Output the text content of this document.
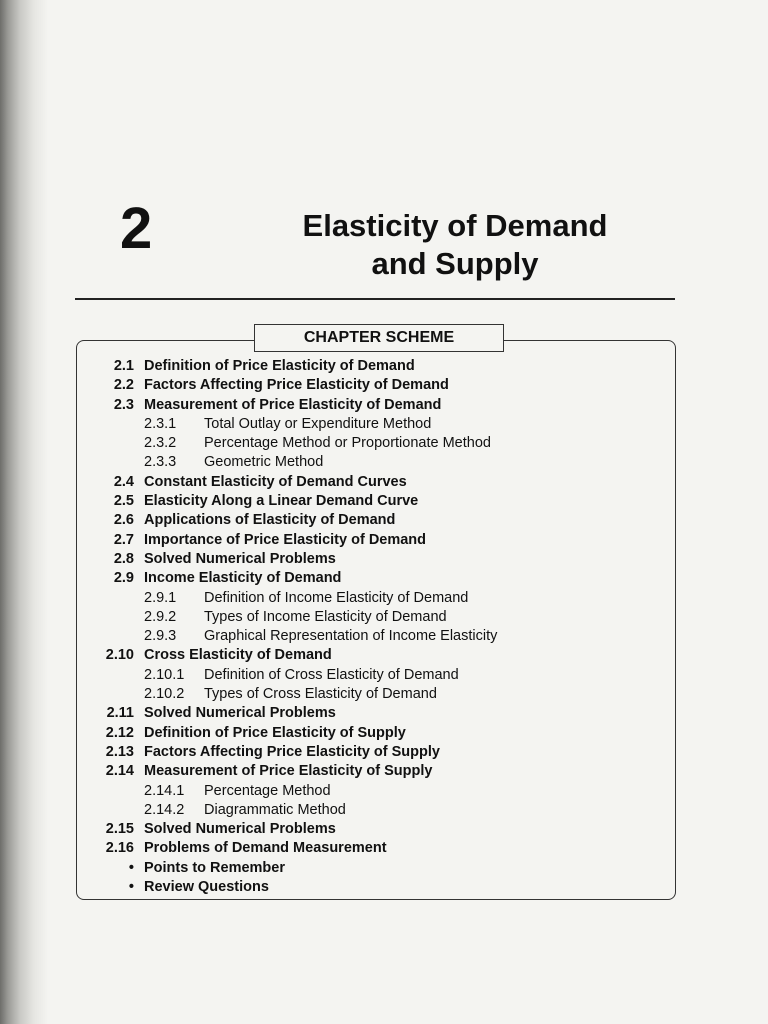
2	Elasticity of Demand
and Supply
CHAPTER SCHEME
2.1 Definition of Price Elasticity of Demand
2.2 Factors Affecting Price Elasticity of Demand
2.3 Measurement of Price Elasticity of Demand
2.3.1	Total Outlay or Expenditure Method
2.3.2	Percentage Method or Proportionate Method
2.3.3	Geometric Method
2.4 Constant Elasticity of Demand Curves
2.5 Elasticity Along a Linear Demand Curve
2.6 Applications of Elasticity of Demand
2.7 Importance of Price Elasticity of Demand
2.8 Solved Numerical Problems
2.9 Income Elasticity of Demand
2.9.1	Definition of Income Elasticity of Demand
2.9.2	Types of Income Elasticity of Demand
2.9.3	Graphical Representation of Income Elasticity
2.10 Cross Elasticity of Demand
2.10.1	Definition of Cross Elasticity of Demand
2.10.2	Types of Cross Elasticity of Demand
2.11 Solved Numerical Problems
2.12 Definition of Price Elasticity of Supply
2.13 Factors Affecting Price Elasticity of Supply
2.14 Measurement of Price Elasticity of Supply
2.14.1	Percentage Method
2.14.2	Diagrammatic Method
2.15 Solved Numerical Problems
2.16 Problems of Demand Measurement
• Points to Remember
• Review Questions
